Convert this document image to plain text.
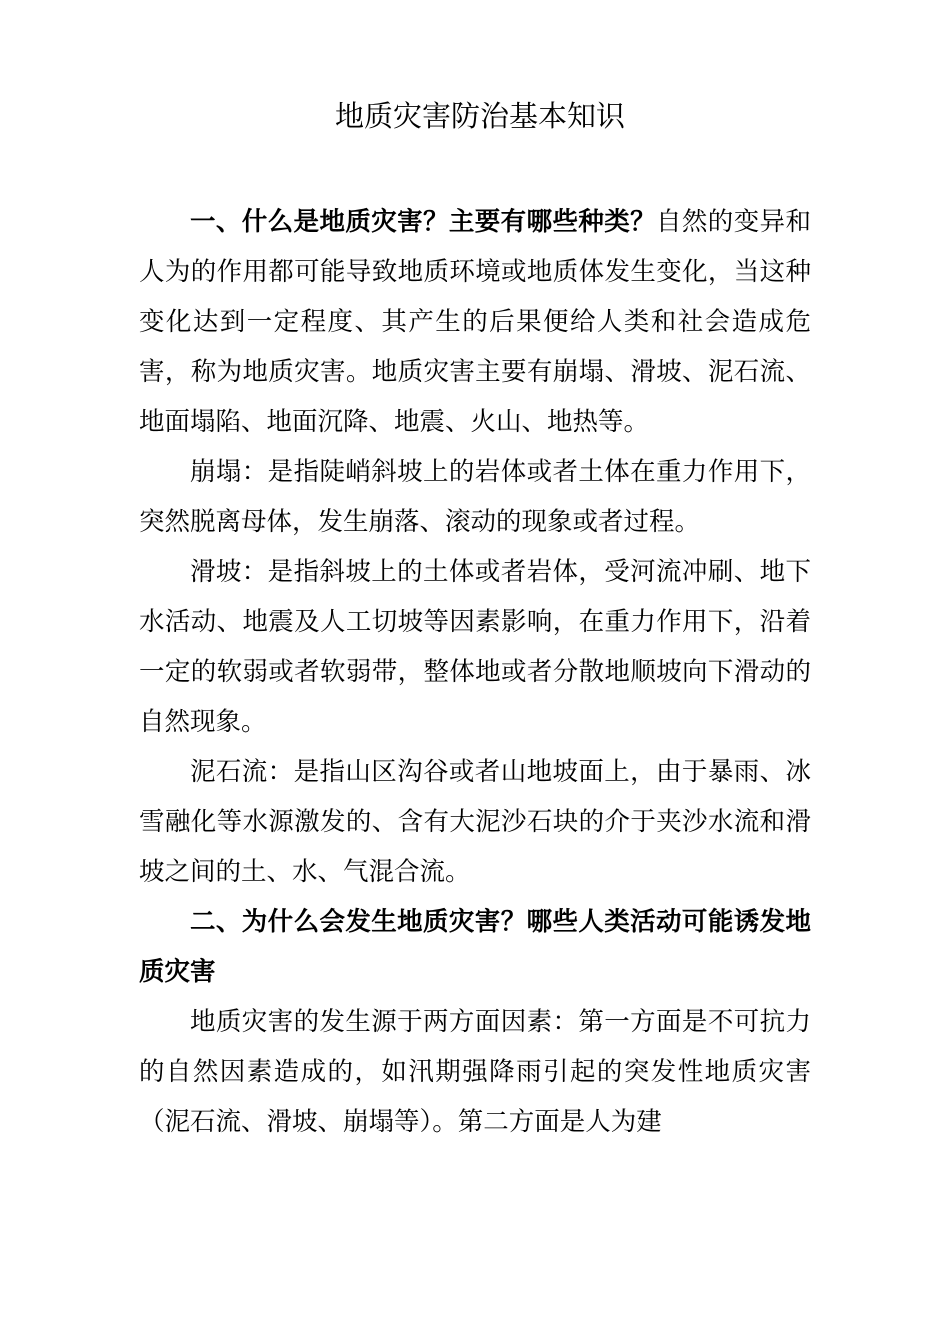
地质灾害防治基本知识

一、什么是地质灾害？主要有哪些种类？自然的变异和人为的作用都可能导致地质环境或地质体发生变化，当这种变化达到一定程度、其产生的后果便给人类和社会造成危害，称为地质灾害。地质灾害主要有崩塌、滑坡、泥石流、地面塌陷、地面沉降、地震、火山、地热等。

崩塌：是指陡峭斜坡上的岩体或者土体在重力作用下，突然脱离母体，发生崩落、滚动的现象或者过程。

滑坡：是指斜坡上的土体或者岩体，受河流冲刷、地下水活动、地震及人工切坡等因素影响，在重力作用下，沿着一定的软弱或者软弱带，整体地或者分散地顺坡向下滑动的自然现象。

泥石流：是指山区沟谷或者山地坡面上，由于暴雨、冰雪融化等水源激发的、含有大泥沙石块的介于夹沙水流和滑坡之间的土、水、气混合流。

二、为什么会发生地质灾害？哪些人类活动可能诱发地质灾害

地质灾害的发生源于两方面因素：第一方面是不可抗力的自然因素造成的，如汛期强降雨引起的突发性地质灾害（泥石流、滑坡、崩塌等）。第二方面是人为建
